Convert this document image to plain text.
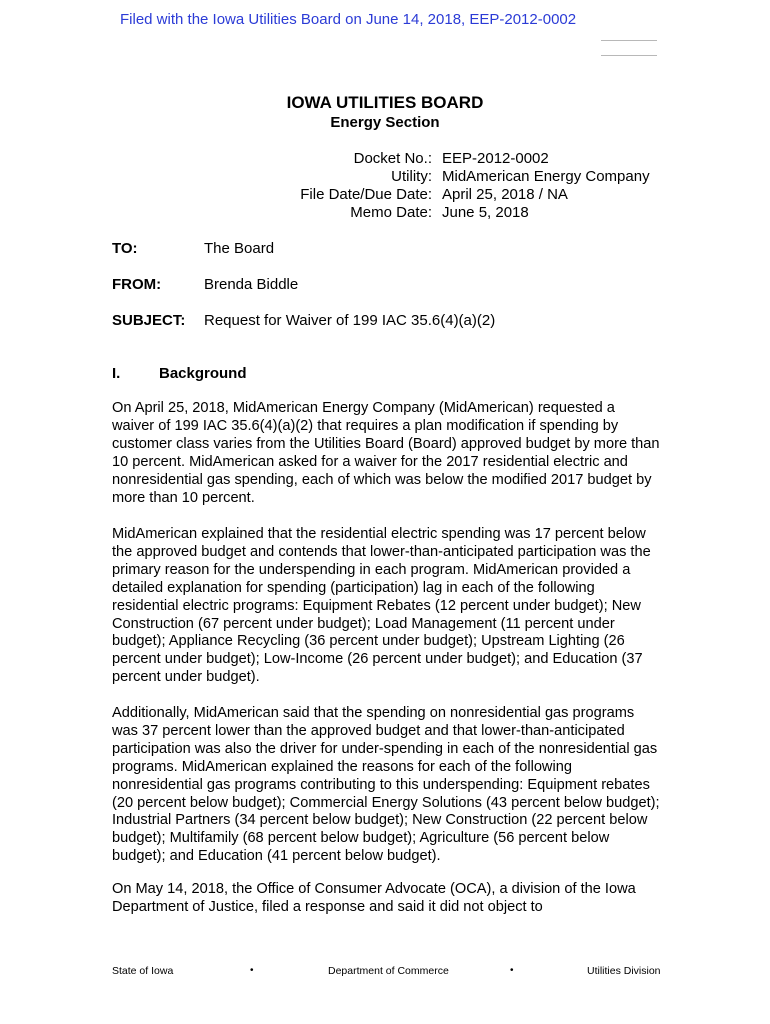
Filed with the Iowa Utilities Board on June 14, 2018, EEP-2012-0002
IOWA UTILITIES BOARD
Energy Section
Docket No.: EEP-2012-0002
Utility: MidAmerican Energy Company
File Date/Due Date: April 25, 2018 / NA
Memo Date: June 5, 2018
TO:	The Board
FROM:	Brenda Biddle
SUBJECT: Request for Waiver of 199 IAC 35.6(4)(a)(2)
I.	Background

On April 25, 2018, MidAmerican Energy Company (MidAmerican) requested a waiver of 199 IAC 35.6(4)(a)(2) that requires a plan modification if spending by customer class varies from the Utilities Board (Board) approved budget by more than 10 percent. MidAmerican asked for a waiver for the 2017 residential electric and nonresidential gas spending, each of which was below the modified 2017 budget by more than 10 percent.

MidAmerican explained that the residential electric spending was 17 percent below the approved budget and contends that lower-than-anticipated participation was the primary reason for the underspending in each program. MidAmerican provided a detailed explanation for spending (participation) lag in each of the following residential electric programs: Equipment Rebates (12 percent under budget); New Construction (67 percent under budget); Load Management (11 percent under budget); Appliance Recycling (36 percent under budget); Upstream Lighting (26 percent under budget); Low-Income (26 percent under budget); and Education (37 percent under budget).

Additionally, MidAmerican said that the spending on nonresidential gas programs was 37 percent lower than the approved budget and that lower-than-anticipated participation was also the driver for under-spending in each of the nonresidential gas programs. MidAmerican explained the reasons for each of the following nonresidential gas programs contributing to this underspending: Equipment rebates (20 percent below budget); Commercial Energy Solutions (43 percent below budget); Industrial Partners (34 percent below budget); New Construction (22 percent below budget); Multifamily (68 percent below budget); Agriculture (56 percent below budget); and Education (41 percent below budget).

On May 14, 2018, the Office of Consumer Advocate (OCA), a division of the Iowa Department of Justice, filed a response and said it did not object to

State of Iowa	•	Department of Commerce	•	Utilities Division
